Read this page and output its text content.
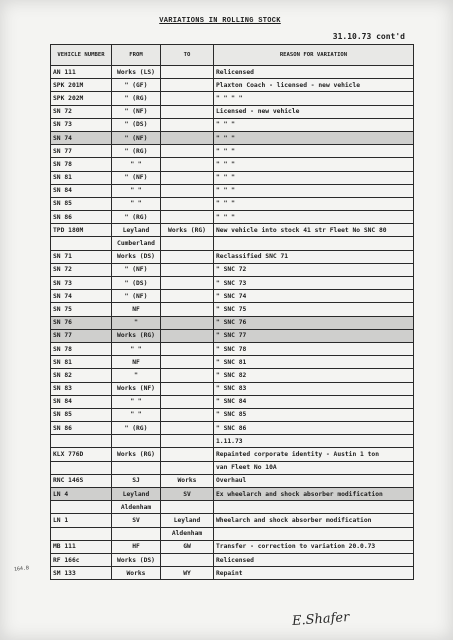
VARIATIONS IN ROLLING STOCK
31.10.73 cont'd
VEHICLE NUMBER	FROM	TO	REASON FOR VARIATION
AN 111	Works (LS)		Relicensed
SPK 201M	" (GF)		Plaxton Coach - licensed - new vehicle
SPK 202M	" (RG)		" " " "
SN 72	" (NF)		Licensed - new vehicle
SN 73	" (DS)		" " "
SN 74	" (NF)		" " "
SN 77	" (RG)		" " "
SN 78	" "		" " "
SN 81	" (NF)		" " "
SN 84	" "		" " "
SN 85	" "		" " "
SN 86	" (RG)		" " "
TPD 180M	Leyland	Works (RG)	New vehicle into stock 41 str Fleet No SNC 80
	Cumberland		
SN 71	Works (DS)		Reclassified SNC 71
SN 72	" (NF)		" SNC 72
SN 73	" (DS)		" SNC 73
SN 74	" (NF)		" SNC 74
SN 75	NF		" SNC 75
SN 76	"		" SNC 76
SN 77	Works (RG)		" SNC 77
SN 78	" "		" SNC 78
SN 81	NF		" SNC 81
SN 82	"		" SNC 82
SN 83	Works (NF)		" SNC 83
SN 84	" "		" SNC 84
SN 85	" "		" SNC 85
SN 86	" (RG)		" SNC 86
			1.11.73
KLX 776D	Works (RG)		Repainted corporate identity - Austin 1 ton
			van Fleet No 10A
RNC 146S	SJ	Works	Overhaul
LN 4	Leyland	SV	Ex wheelarch and shock absorber modification
	Aldenham		
LN 1	SV	Leyland	Wheelarch and shock absorber modification
		Aldenham	
MB 111	HF	GW	Transfer - correction to variation 20.0.73
RF 166c	Works (DS)		Relicensed
SM 133	Works	WY	Repaint
164.B
E.Shafer
